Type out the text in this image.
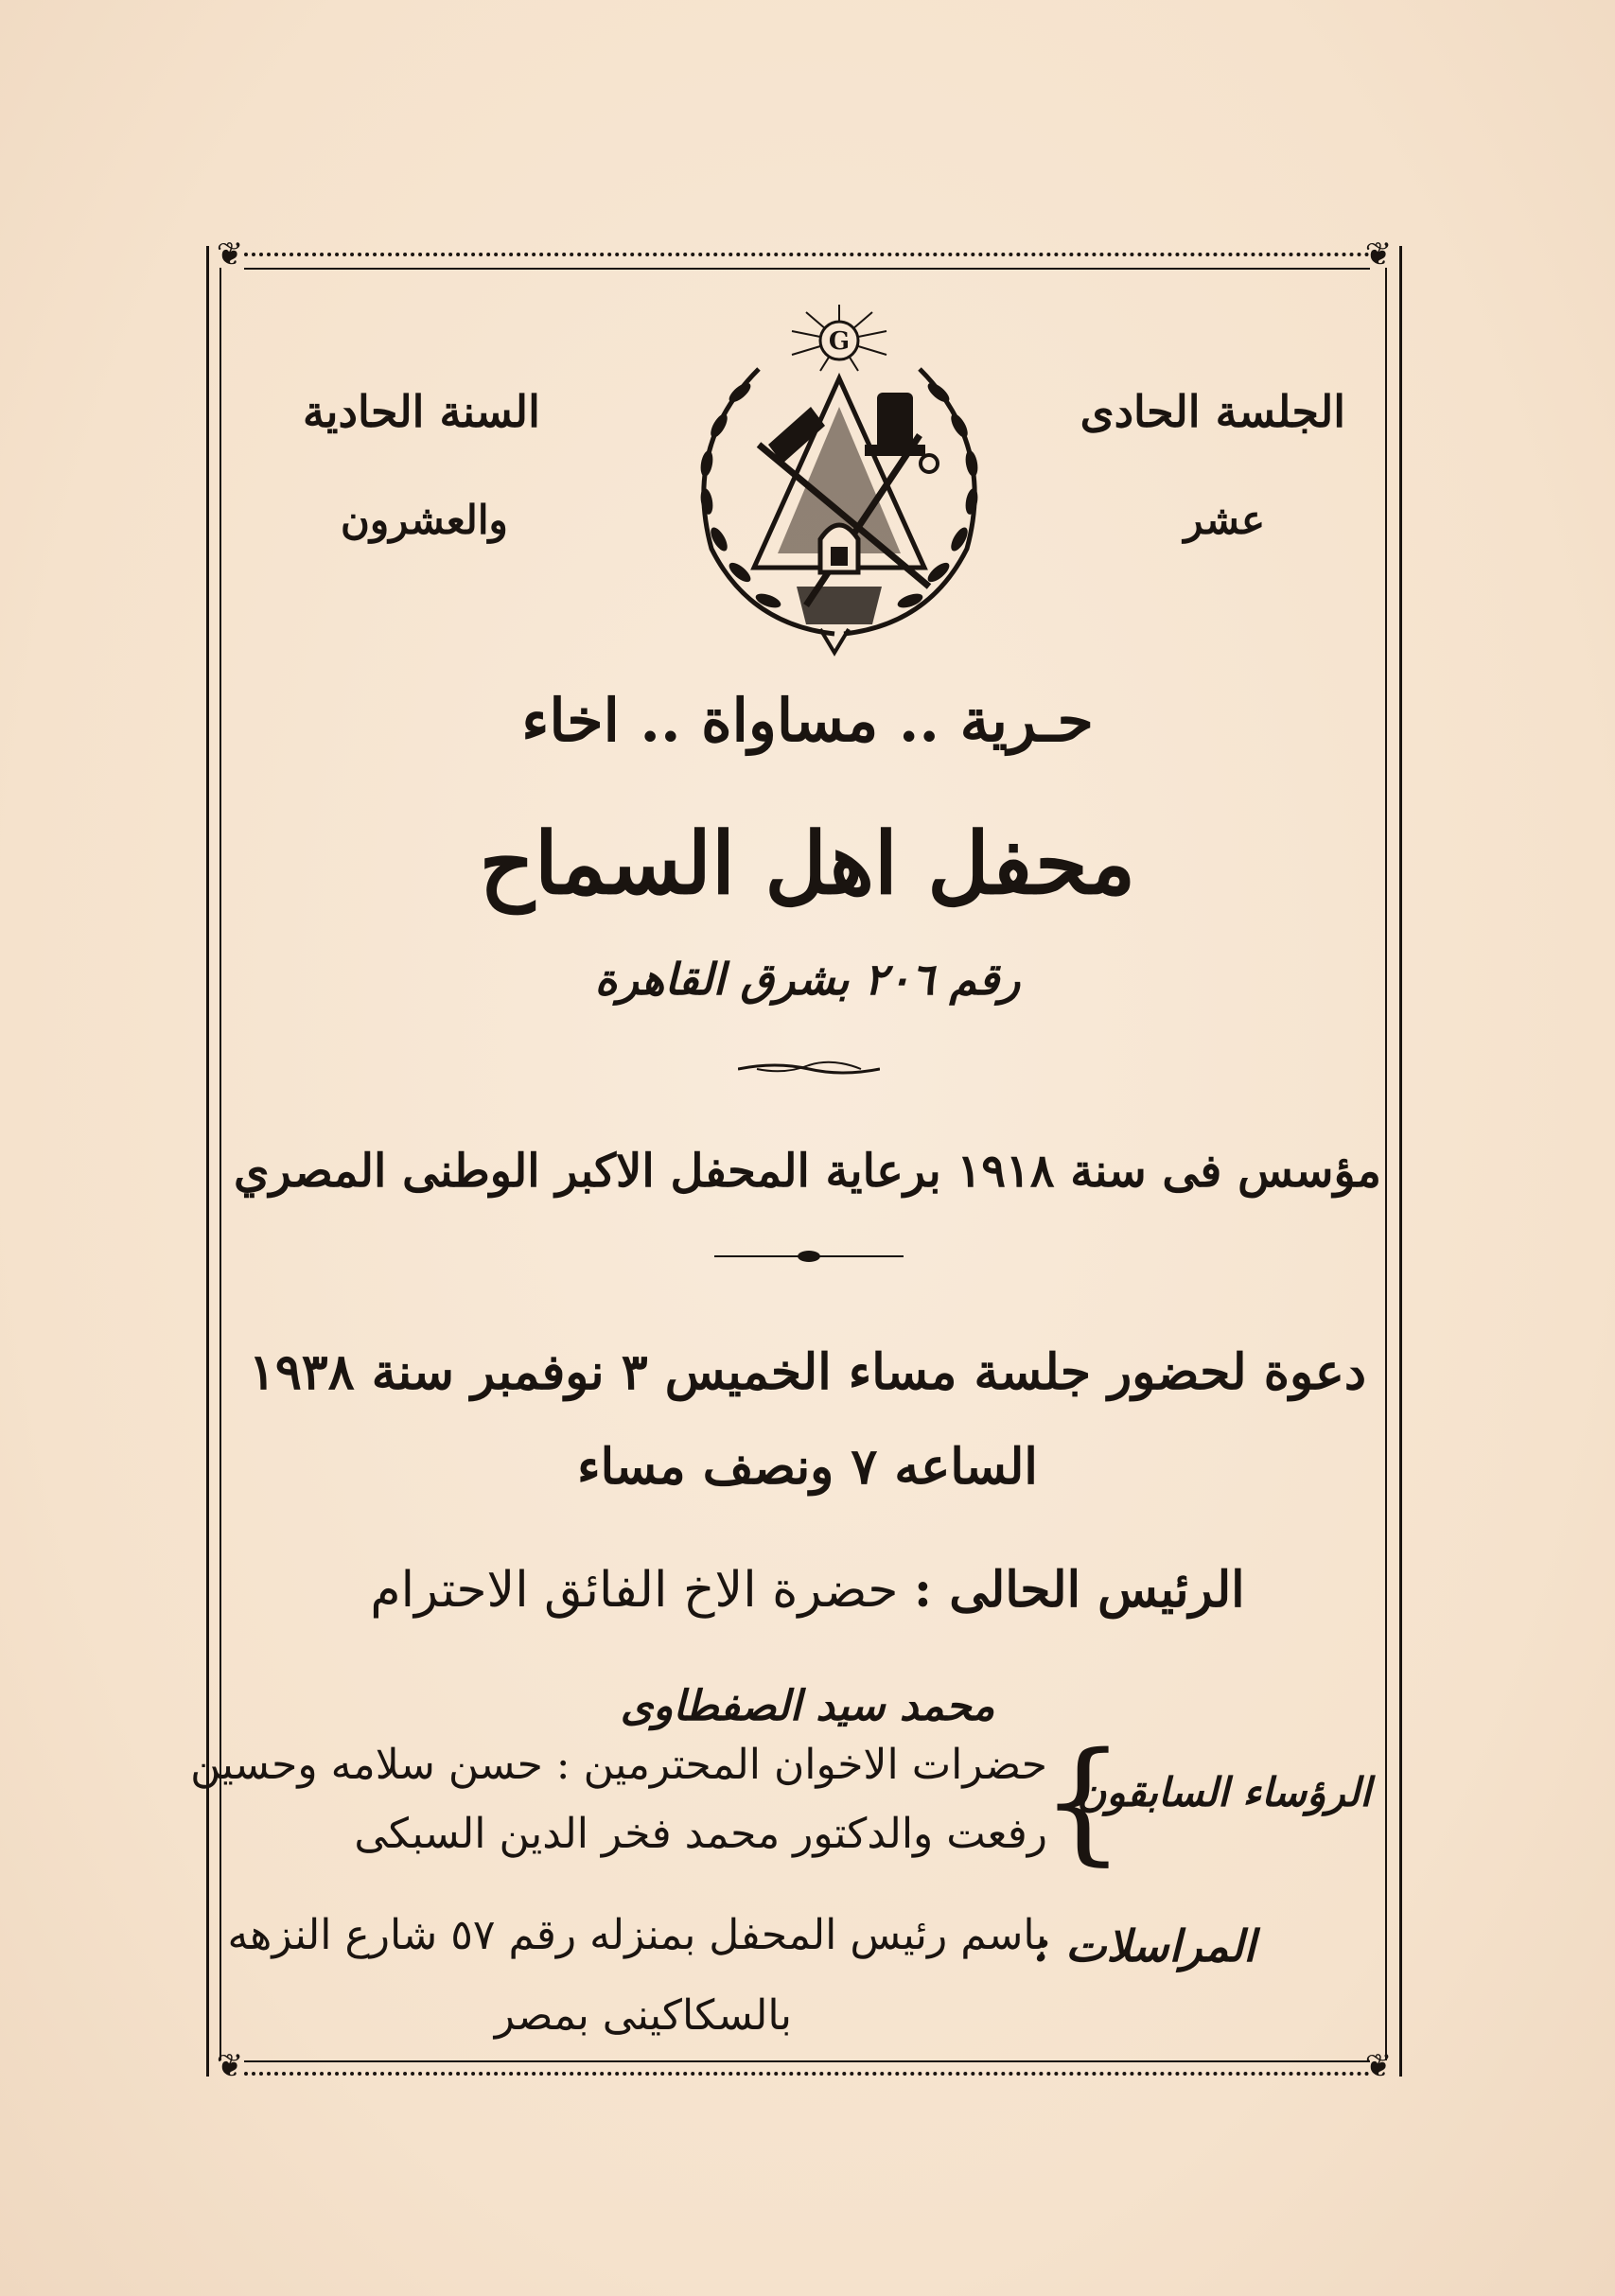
❦	❦
❦	❦
الجلسة الحادى
عشر
السنة الحادية
والعشرون
G
حـرية .. مساواة .. اخاء
محفل اهل السماح
رقم ٢٠٦ بشرق القاهرة
مؤسس فى سنة ١٩١٨ برعاية المحفل الاكبر الوطنى المصري
دعوة لحضور جلسة مساء الخميس ٣ نوفمبر سنة ١٩٣٨
الساعه ٧ ونصف مساء
الرئيس الحالى : حضرة الاخ الفائق الاحترام
محمد سيد الصفطاوى
الرؤساء السابقون
{
حضرات الاخوان المحترمين : حسن سلامه وحسين
رفعت والدكتور محمد فخر الدين السبكى
المراسلات :
باسم رئيس المحفل بمنزله رقم ٥٧ شارع النزهه
بالسكاكينى بمصر
